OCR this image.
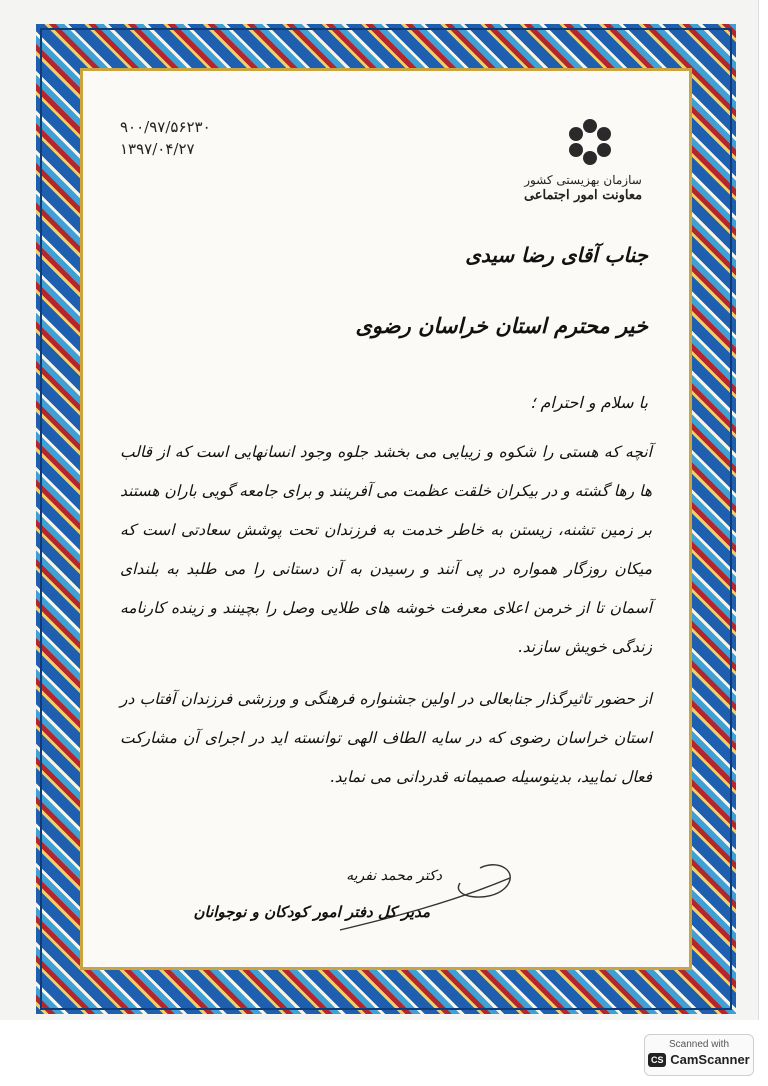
۹۰۰/۹۷/۵۶۲۳۰
۱۳۹۷/۰۴/۲۷
سازمان بهزیستی کشور
معاونت امور اجتماعی
جناب آقای رضا سیدی
خیر محترم استان خراسان رضوی
با سلام و احترام ؛
آنچه که هستی را شکوه و زیبایی می بخشد جلوه وجود انسانهایی است که از قالب ها رها گشته و در بیکران خلقت عظمت می آفرینند و برای جامعه گویی باران هستند بر زمین تشنه، زیستن به خاطر خدمت به فرزندان تحت پوشش سعادتی است که میکان روزگار همواره در پی آنند و رسیدن به آن دستانی را می طلبد به بلندای آسمان تا از خرمن اعلای معرفت خوشه های طلایی وصل را بچینند و زینده کارنامه زندگی خویش سازند.
از حضور تاثیرگذار جنابعالی در اولین جشنواره فرهنگی و ورزشی فرزندان آفتاب در استان خراسان رضوی که در سایه الطاف الهی توانسته اید در اجرای آن مشارکت فعال نمایید، بدینوسیله صمیمانه قدردانی می نماید.
دکتر محمد نفریه
مدیر کل دفتر امور کودکان و نوجوانان
Scanned with
CS CamScanner
